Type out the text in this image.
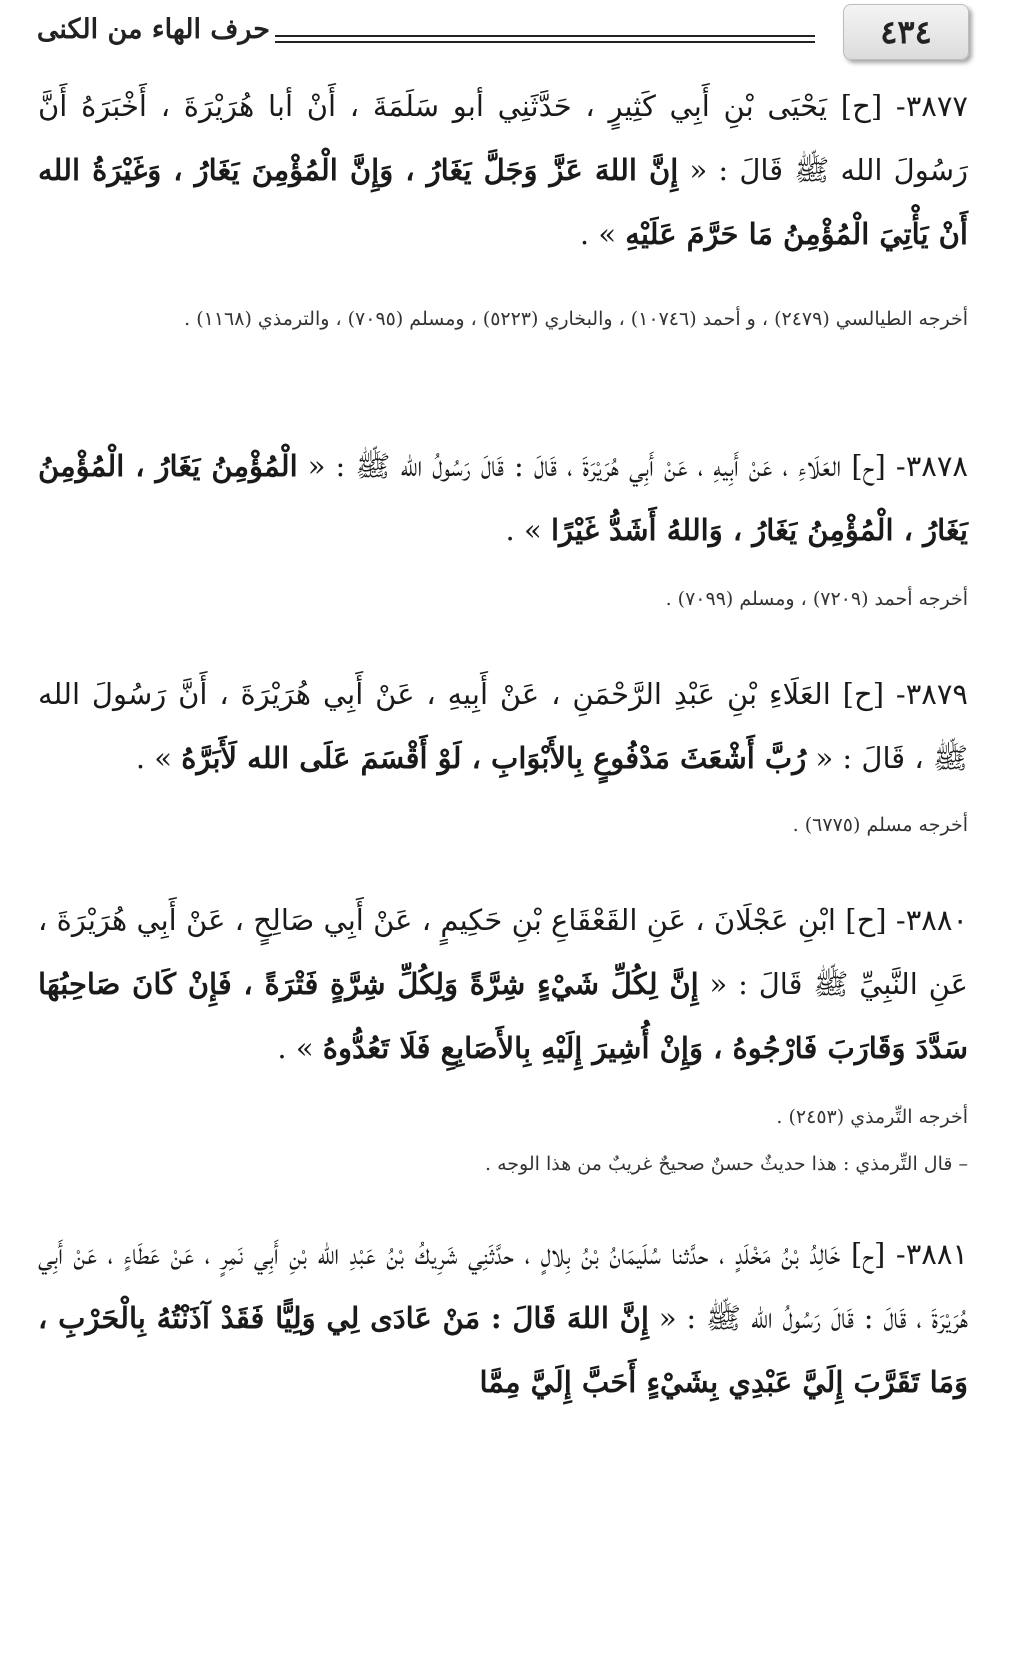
٤٣٤
حرف الهاء من الكنى
٣٨٧٧- [ح] يَحْيَى بْنِ أَبِي كَثِيرٍ ، حَدَّثَنِي أبو سَلَمَةَ ، أَنْ أبا هُرَيْرَةَ ، أَخْبَرَهُ أَنَّ رَسُولَ الله ﷺ قَالَ : « إِنَّ اللهَ عَزَّ وَجَلَّ يَغَارُ ، وَإِنَّ الْمُؤْمِنَ يَغَارُ ، وَغَيْرَةُ الله أَنْ يَأْتِيَ الْمُؤْمِنُ مَا حَرَّمَ عَلَيْهِ » .
أخرجه الطيالسي (٢٤٧٩) ، و أحمد (١٠٧٤٦) ، والبخاري (٥٢٢٣) ، ومسلم (٧٠٩٥) ، والترمذي (١١٦٨) .
٣٨٧٨- [ح] العَلَاءِ ، عَنْ أَبِيهِ ، عَنْ أَبِي هُرَيْرَةَ ، قَالَ : قَالَ رَسُولُ الله ﷺ : « الْمُؤْمِنُ يَغَارُ ، الْمُؤْمِنُ يَغَارُ ، الْمُؤْمِنُ يَغَارُ ، وَاللهُ أَشَدُّ غَيْرًا » .
أخرجه أحمد (٧٢٠٩) ، ومسلم (٧٠٩٩) .
٣٨٧٩- [ح] العَلَاءِ بْنِ عَبْدِ الرَّحْمَنِ ، عَنْ أَبِيهِ ، عَنْ أَبِي هُرَيْرَةَ ، أَنَّ رَسُولَ الله ﷺ ، قَالَ : « رُبَّ أَشْعَثَ مَدْفُوعٍ بِالأَبْوَابِ ، لَوْ أَقْسَمَ عَلَى الله لَأَبَرَّهُ » .
أخرجه مسلم (٦٧٧٥) .
٣٨٨٠- [ح] ابْنِ عَجْلَانَ ، عَنِ القَعْقَاعِ بْنِ حَكِيمٍ ، عَنْ أَبِي صَالِحٍ ، عَنْ أَبِي هُرَيْرَةَ ، عَنِ النَّبِيِّ ﷺ قَالَ : « إِنَّ لِكُلِّ شَيْءٍ شِرَّةً وَلِكُلِّ شِرَّةٍ فَتْرَةً ، فَإِنْ كَانَ صَاحِبُهَا سَدَّدَ وَقَارَبَ فَارْجُوهُ ، وَإِنْ أُشِيرَ إِلَيْهِ بِالأَصَابِعِ فَلَا تَعُدُّوهُ » .
أخرجه التِّرمذي (٢٤٥٣) .
– قال التِّرمذي : هذا حديثٌ حسنٌ صحيحٌ غريبٌ من هذا الوجه .
٣٨٨١- [ح] خَالِدُ بْنُ مَخْلَدٍ ، حدَّثنا سُلَيمَانُ بْنُ بِلالٍ ، حدَّثَنِي شَرِيكُ بْنُ عَبْدِ الله بْنِ أَبِي نَمِرٍ ، عَنْ عَطَاءٍ ، عَنْ أَبِي هُرَيْرَةَ ، قَالَ : قَالَ رَسُولُ الله ﷺ : « إِنَّ اللهَ قَالَ : مَنْ عَادَى لِي وَلِيًّا فَقَدْ آذَنْتُهُ بِالْحَرْبِ ، وَمَا تَقَرَّبَ إِلَيَّ عَبْدِي بِشَيْءٍ أَحَبَّ إِلَيَّ مِمَّا
